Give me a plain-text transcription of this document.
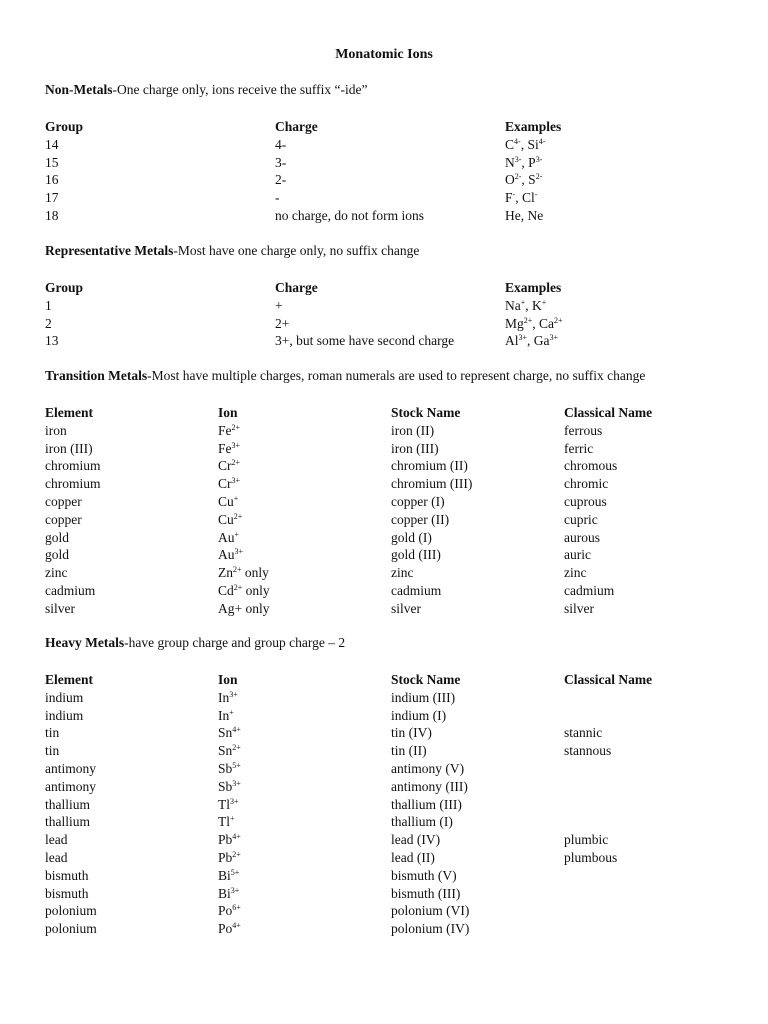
Monatomic Ions
Non-Metals-One charge only, ions receive the suffix “-ide”
Group	Charge	Examples
14	4-	$C^{4-}$, $Si^{4-}$
15	3-	$N^{3-}$, $P^{3-}$
16	2-	$O^{2-}$, $S^{2-}$
17	-	F-, Cl-
18	no charge, do not form ions	He, Ne
Representative Metals-Most have one charge only, no suffix change
Group	Charge	Examples
1	+	Na+, K+
2	2+	$Mg^{2+}$, $Ca^{2+}$
13	3+, but some have second charge	$Al^{3+}$, $Ga^{3+}$
Transition Metals-Most have multiple charges, roman numerals are used to represent charge, no suffix change
Element	Ion	Stock Name	Classical Name
iron	$Fe^{2+}$	iron (II)	ferrous
iron (III)	$Fe^{3+}$	iron (III)	ferric
chromium	$Cr^{2+}$	chromium (II)	chromous
chromium	$Cr^{3+}$	chromium (III)	chromic
copper	Cu+	copper (I)	cuprous
copper	$Cu^{2+}$	copper (II)	cupric
gold	Au+	gold (I)	aurous
gold	$Au^{3+}$	gold (III)	auric
zinc	$Zn^{2+}$ only	zinc	zinc
cadmium	$Cd^{2+}$ only	cadmium	cadmium
silver	Ag+ only	silver	silver
Heavy Metals-have group charge and group charge – 2
Element	Ion	Stock Name	Classical Name
indium	$In^{3+}$	indium (III)	
indium	In+	indium (I)	
tin	$Sn^{4+}$	tin (IV)	stannic
tin	$Sn^{2+}$	tin (II)	stannous
antimony	$Sb^{5+}$	antimony (V)	
antimony	$Sb^{3+}$	antimony (III)	
thallium	$Tl^{3+}$	thallium (III)	
thallium	Tl+	thallium (I)	
lead	$Pb^{4+}$	lead (IV)	plumbic
lead	$Pb^{2+}$	lead (II)	plumbous
bismuth	$Bi^{5+}$	bismuth (V)	
bismuth	$Bi^{3+}$	bismuth (III)	
polonium	$Po^{6+}$	polonium (VI)	
polonium	$Po^{4+}$	polonium (IV)	
